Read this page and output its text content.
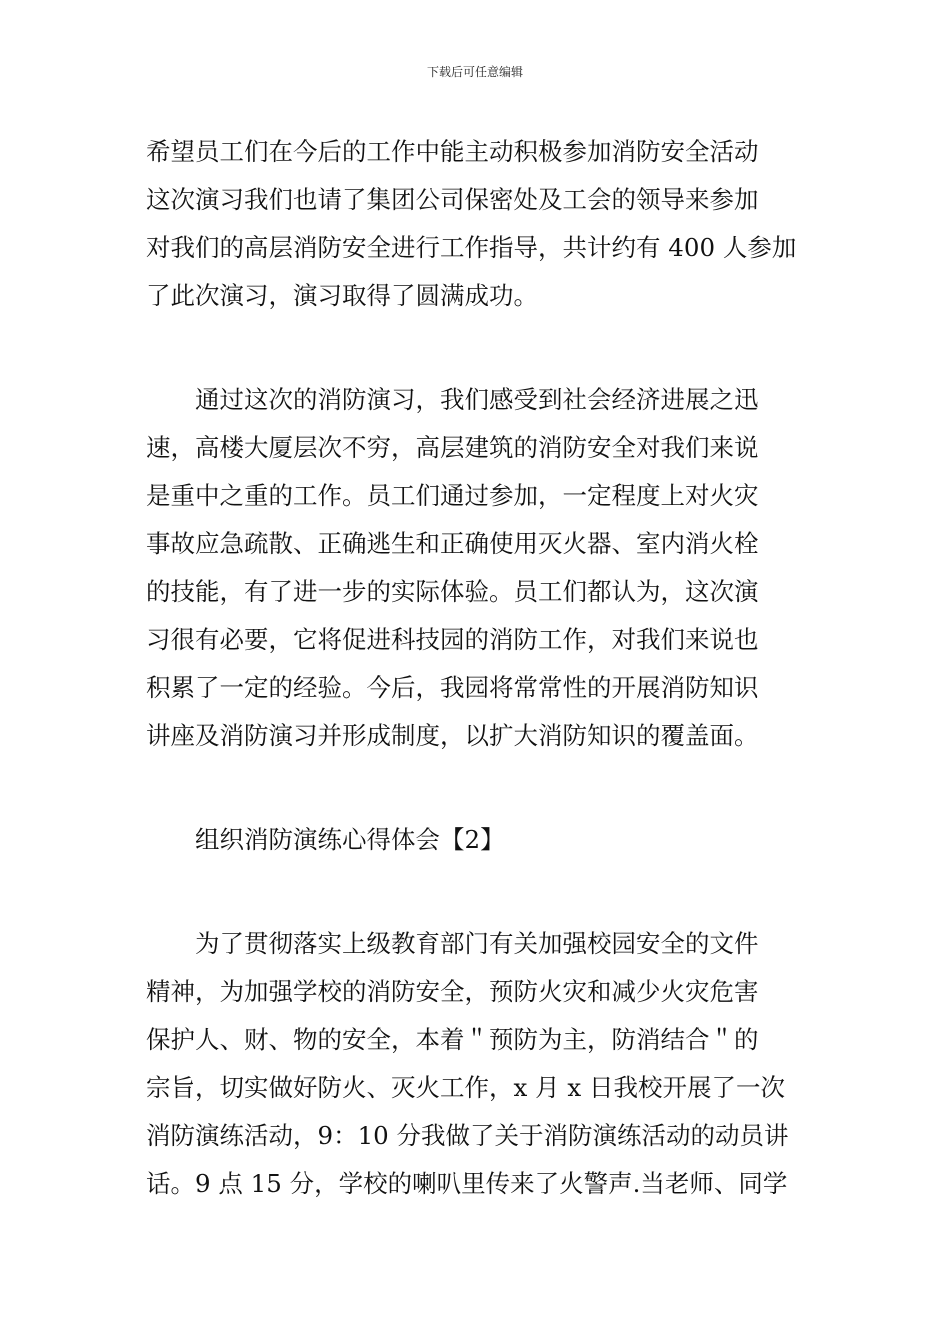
下载后可任意编辑
希望员工们在今后的工作中能主动积极参加消防安全活动
这次演习我们也请了集团公司保密处及工会的领导来参加
对我们的高层消防安全进行工作指导，共计约有 400 人参加
了此次演习，演习取得了圆满成功。
通过这次的消防演习，我们感受到社会经济进展之迅
速，高楼大厦层次不穷，高层建筑的消防安全对我们来说
是重中之重的工作。员工们通过参加，一定程度上对火灾
事故应急疏散、正确逃生和正确使用灭火器、室内消火栓
的技能，有了进一步的实际体验。员工们都认为，这次演
习很有必要，它将促进科技园的消防工作，对我们来说也
积累了一定的经验。今后，我园将常常性的开展消防知识
讲座及消防演习并形成制度，以扩大消防知识的覆盖面。
组织消防演练心得体会【2】
为了贯彻落实上级教育部门有关加强校园安全的文件
精神，为加强学校的消防安全，预防火灾和减少火灾危害
保护人、财、物的安全，本着＂预防为主，防消结合＂的
宗旨，切实做好防火、灭火工作，x 月 x 日我校开展了一次
消防演练活动，9：10 分我做了关于消防演练活动的动员讲
话。9 点 15 分，学校的喇叭里传来了火警声.当老师、同学
